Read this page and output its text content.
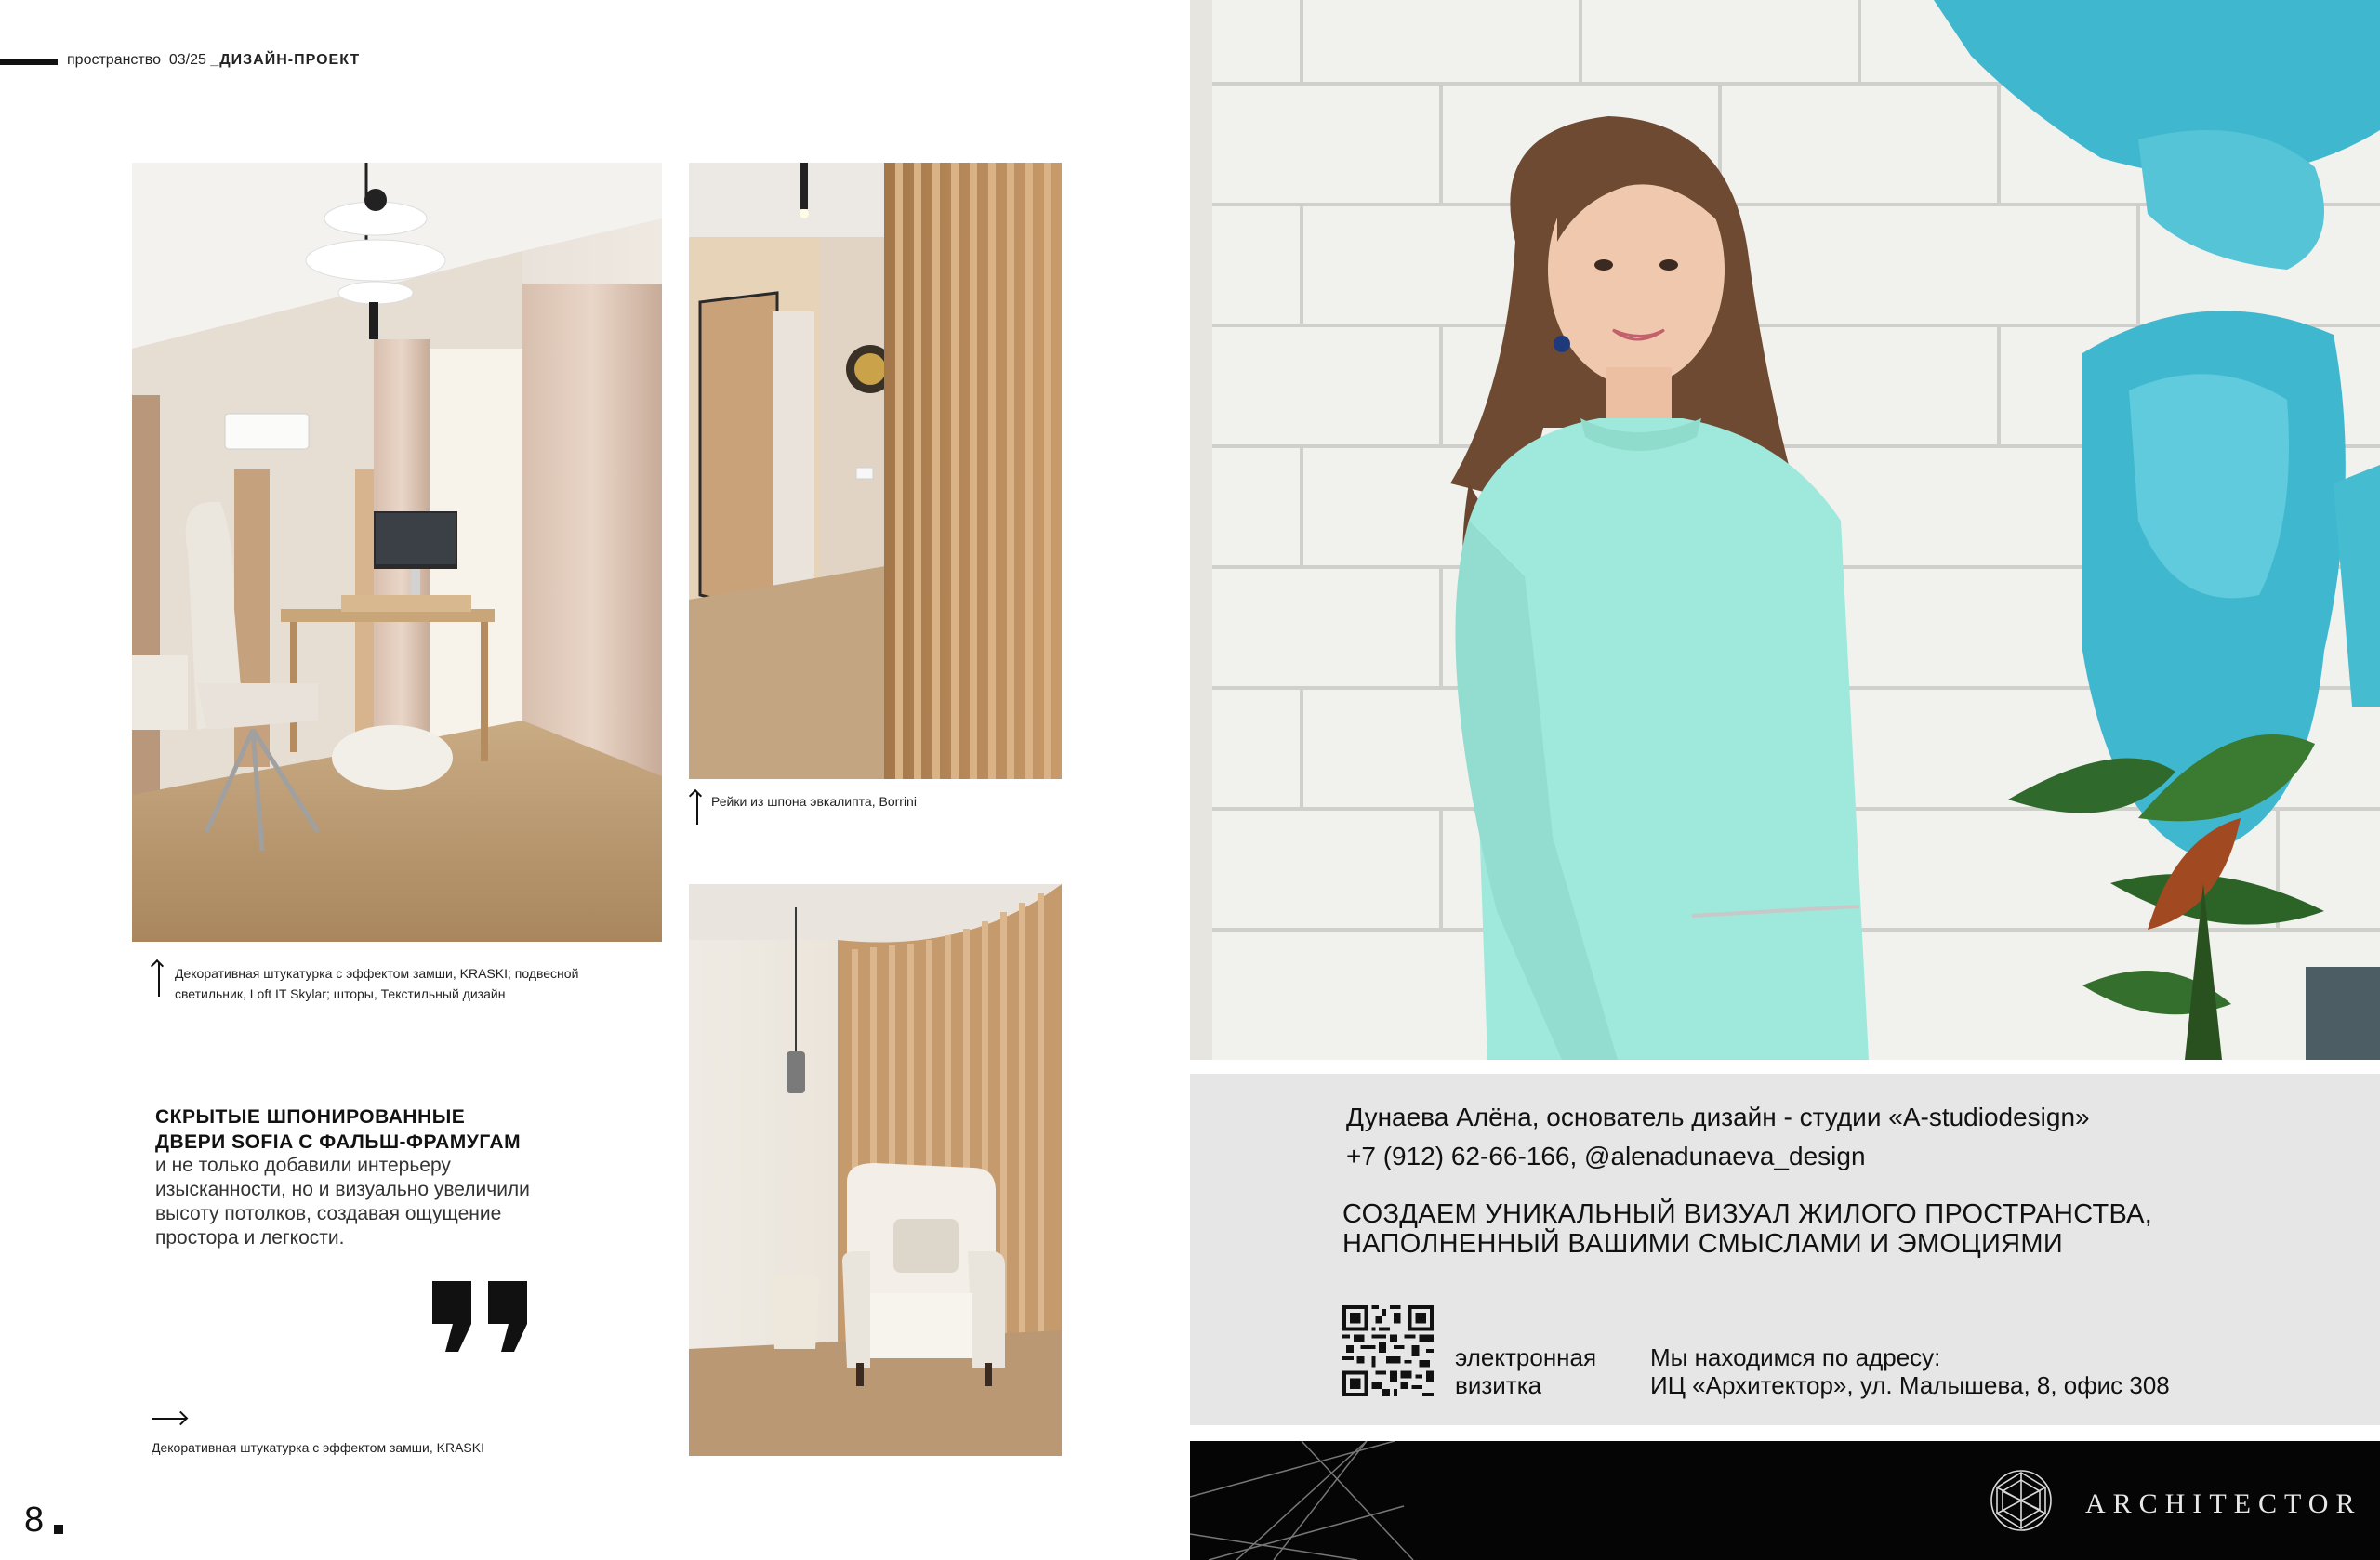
пространство 03/25 _ДИЗАЙН-ПРОЕКТ
Декоративная штукатурка с эффектом замши, KRASKI; подвесной светильник, Loft IT Skylar; шторы, Текстильный дизайн
Рейки из шпона эвкалипта, Borrini
СКРЫТЫЕ ШПОНИРОВАННЫЕ
ДВЕРИ SOFIA С ФАЛЬШ-ФРАМУГАМ
и не только добавили интерьеру изысканности, но и визуально увеличили высоту потолков, создавая ощущение простора и легкости.
Декоративная штукатурка с эффектом замши, KRASKI
8
Дунаева Алёна, основатель дизайн - студии «A-studiodesign»
+7 (912) 62-66-166, @alenadunaeva_design
СОЗДАЕМ УНИКАЛЬНЫЙ ВИЗУАЛ ЖИЛОГО ПРОСТРАНСТВА,
НАПОЛНЕННЫЙ ВАШИМИ СМЫСЛАМИ И ЭМОЦИЯМИ
электронная
визитка
Мы находимся по адресу:
ИЦ «Архитектор», ул. Малышева, 8, офис 308
ARCHITECTOR
